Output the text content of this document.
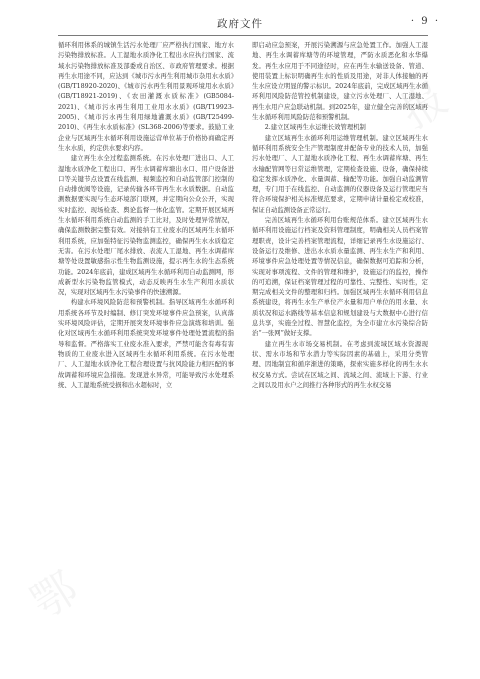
政府文件	· 9 ·

循环利用体系的城镇生活污水处理厂应严格执行国家、地方水污染物排放标准。人工湿地水质净化工程出水应执行国家、流域水污染物排放标准及部委或自治区、市政府管理要求。根据再生水用途不同，应达到《城市污水再生利用城市杂用水水质》(GB/T18920-2020)、《城市污水再生利用景观环境用水水质》(GB/T18921-2019)、《农田灌溉水质标准》(GB5084-2021)、《城市污水再生利用工业用水水质》(GB/T19923-2005)、《城市污水再生利用绿地灌溉水质》(GB/T25499-2010)、《再生水水质标准》(SL368-2006)等要求。鼓励工业企业与区域再生水循环利用设施运营单位基于价格协商确定再生水水质，约定供水要求内容。

建立再生水全过程监测系统。在污水处理厂进出口、人工湿地水质净化工程出口、再生水调蓄库塘出水口、用户设备进口等关键节点设置在线监测、视频监控和自动监管部门控制的自动排放阀等设施，记录传输各环节再生水水质数据。自动监测数据要实现与生态环境部门联网，并定期向公众公开，实现实时监控、现场检查、舆论监督一体化监管。定期开展区域再生水循环利用系统自动监测的手工比对，及时处理异常情况，确保监测数据完整有效。对接纳有工业废水的区域再生水循环利用系统，应加强特征污染物监测监控，确保再生水水质稳定无害。在污水处理厂尾水排放、表流人工湿地、再生水调蓄库塘等处设置敏感指示性生物监测设施，提示再生水的生态系统功能。2024年底前，建成区域再生水循环利用自动监测网，形成新型水污染物监管模式，动态反映再生水生产利用水质状况，实现对区域再生水污染事件的快速溯源。

构建水环境风险防范和预警机制。指导区域再生水循环利用系统各环节及时编制、修订突发环境事件应急预案，认真落实环境风险评估，定期开展突发环境事件应急演练和培训。强化对区域再生水循环利用系统突发环境事件处理处置流程的指导和监督。严格落实工业废水准入要求，严禁可能含有毒有害物质的工业废水进入区域再生水循环利用系统。在污水处理厂、人工湿地水质净化工程合理设置与抗风险能力相匹配的事故调蓄和环境应急措施。发现进水异常，可能导致污水处理系统、人工湿地系统受损和出水超标时，立

即启动应急预案，开展污染溯源与应急处置工作。加强人工湿地、再生水调蓄库塘等的环境管理，严防水质恶化和水华爆发。再生水应用于不同途径时，应在再生水输送设备、管道、使用装置上标识明确再生水的性质及用途，对非人体接触的再生水应设立明显的警示标识。2024年底前，完成区域再生水循环利用风险防范管控机制建设，建立污水处理厂、人工湿地、再生水用户应急联动机制。到2025年，建立健全完善的区域再生水循环利用风险防范和预警机制。

2.建立区域再生水运维长效管理机制

建立区域再生水循环利用运维管理机制。建立区域再生水循环利用系统安全生产管理制度并配备专业的技术人员，加强污水处理厂、人工湿地水质净化工程、再生水调蓄库塘、再生水输配管网等日常运维管理，定期检查设施、设备，确保持续稳定发挥水质净化、水量调蓄、输配等功能。加强自动监测管理，专门用于在线监控、自动监测的仪器设备及运行管理应当符合环境保护相关标准规范要求，定期申请计量检定或校准，保证自动监测设备正常运行。

完善区域再生水循环利用台账规范体系。建立区域再生水循环利用设施运行档案及资料管理制度，明确相关人员档案管理职责，设计完善档案管理流程，详细记录再生水设施运行、设备运行及维修、进出水水质水量监测、再生水生产和利用、环境事件应急处理处置等情况信息，确保数据可追踪和分析，实现对事项流程、文件的管理和维护，设施运行的监控，操作的可追溯，保证档案管理过程的可靠性、完整性、实时性，定期完成相关文件的整理和归档。加强区域再生水循环利用信息系统建设，将再生水生产单位产水量和用户单位的用水量、水质状况和运水路线等基本信息和规划建设与大数据中心进行信息共享，实施全过程、智慧化监控，为全市建立水污染综合防治“一张网”做好支撑。

建立再生水市场交易机制。在考虑到流域区域水资源现状、需水市场和节水潜力等实际因素的基础上，采用分类管理、因地制宜和循序渐进的策略，探索实施多样化的再生水水权交易方式。尝试在区域之间、流域之间、流域上下游、行业之间以及用水户之间推行各种形式的再生水权交易
